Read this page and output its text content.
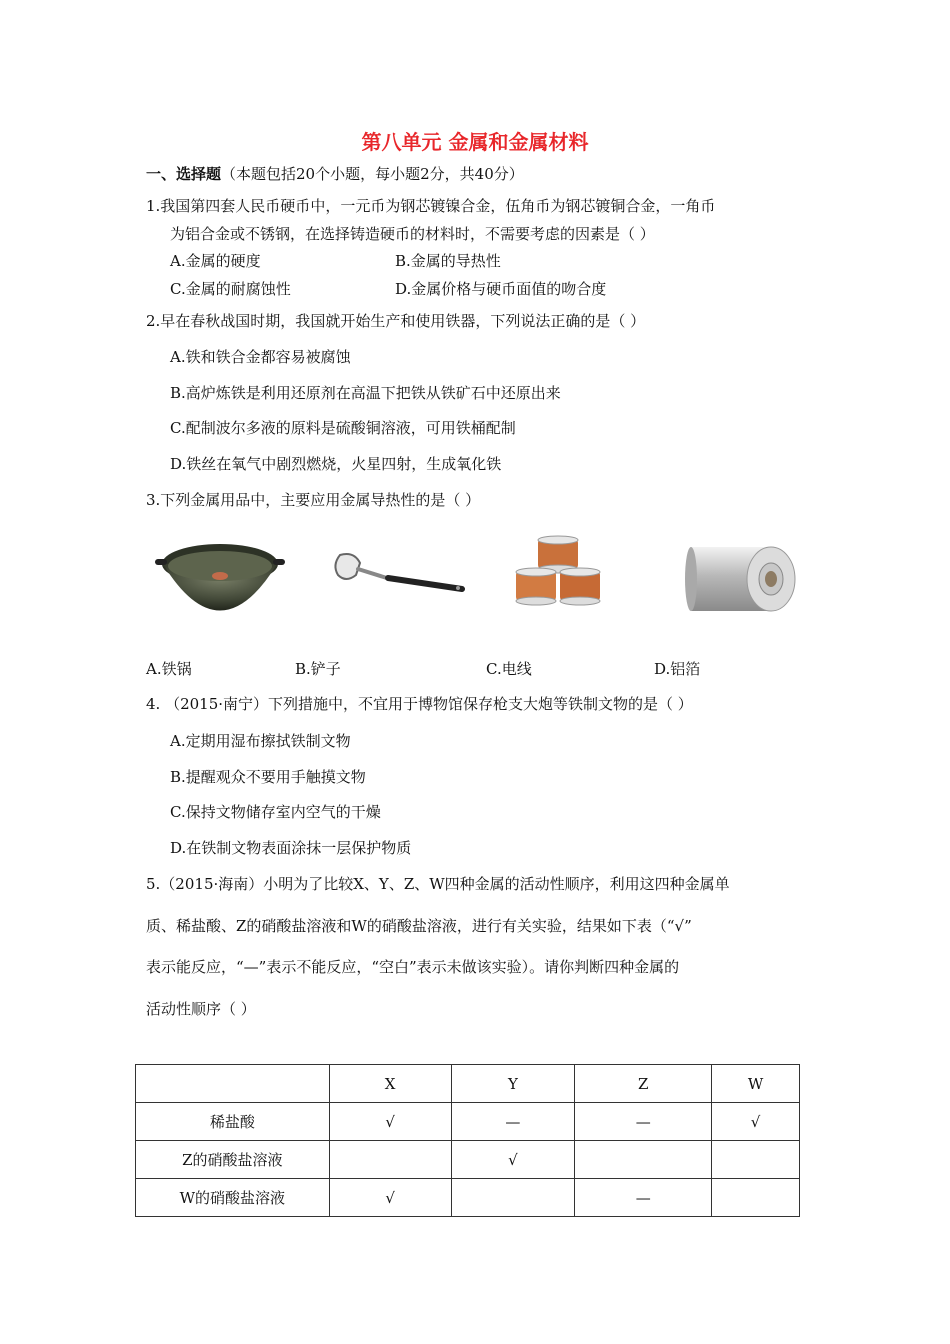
第八单元 金属和金属材料
一、选择题（本题包括20个小题，每小题2分，共40分）
1.我国第四套人民币硬币中，一元币为钢芯镀镍合金，伍角币为钢芯镀铜合金，一角币
为铝合金或不锈钢，在选择铸造硬币的材料时，不需要考虑的因素是（ ）
A.金属的硬度	B.金属的导热性
C.金属的耐腐蚀性	D.金属价格与硬币面值的吻合度
2.早在春秋战国时期，我国就开始生产和使用铁器，下列说法正确的是（ ）
A.铁和铁合金都容易被腐蚀
B.高炉炼铁是利用还原剂在高温下把铁从铁矿石中还原出来
C.配制波尔多液的原料是硫酸铜溶液，可用铁桶配制
D.铁丝在氧气中剧烈燃烧，火星四射，生成氧化铁
3.下列金属用品中，主要应用金属导热性的是（ ）
A.铁锅	B.铲子	C.电线	D.铝箔
4. （2015·南宁）下列措施中，不宜用于博物馆保存枪支大炮等铁制文物的是（ ）
A.定期用湿布擦拭铁制文物
B.提醒观众不要用手触摸文物
C.保持文物储存室内空气的干燥
D.在铁制文物表面涂抹一层保护物质
5.（2015·海南）小明为了比较X、Y、Z、W四种金属的活动性顺序，利用这四种金属单
质、稀盐酸、Z的硝酸盐溶液和W的硝酸盐溶液，进行有关实验，结果如下表（“√”
表示能反应，“—”表示不能反应，“空白”表示未做该实验）。请你判断四种金属的
活动性顺序（ ）
	X	Y	Z	W
稀盐酸	√	—	—	√
Z的硝酸盐溶液		√		
W的硝酸盐溶液	√		—	
